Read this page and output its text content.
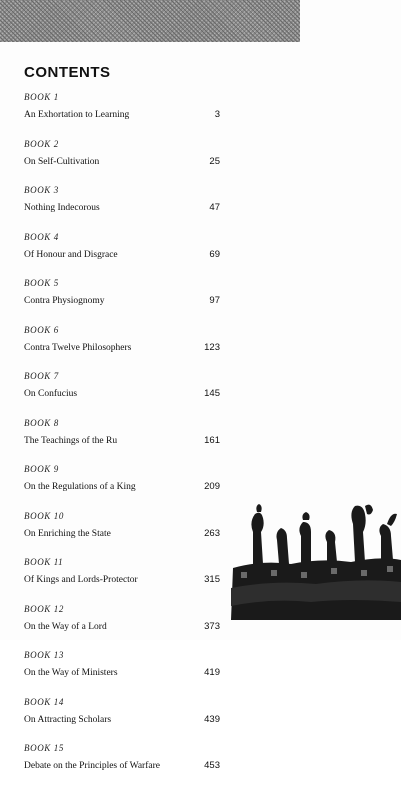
CONTENTS
BOOK 1
An Exhortation to Learning	3
BOOK 2
On Self-Cultivation	25
BOOK 3
Nothing Indecorous	47
BOOK 4
Of Honour and Disgrace	69
BOOK 5
Contra Physiognomy	97
BOOK 6
Contra Twelve Philosophers	123
BOOK 7
On Confucius	145
BOOK 8
The Teachings of the Ru	161
BOOK 9
On the Regulations of a King	209
BOOK 10
On Enriching the State	263
BOOK 11
Of Kings and Lords-Protector	315
BOOK 12
On the Way of a Lord	373
BOOK 13
On the Way of Ministers	419
BOOK 14
On Attracting Scholars	439
BOOK 15
Debate on the Principles of Warfare	453
